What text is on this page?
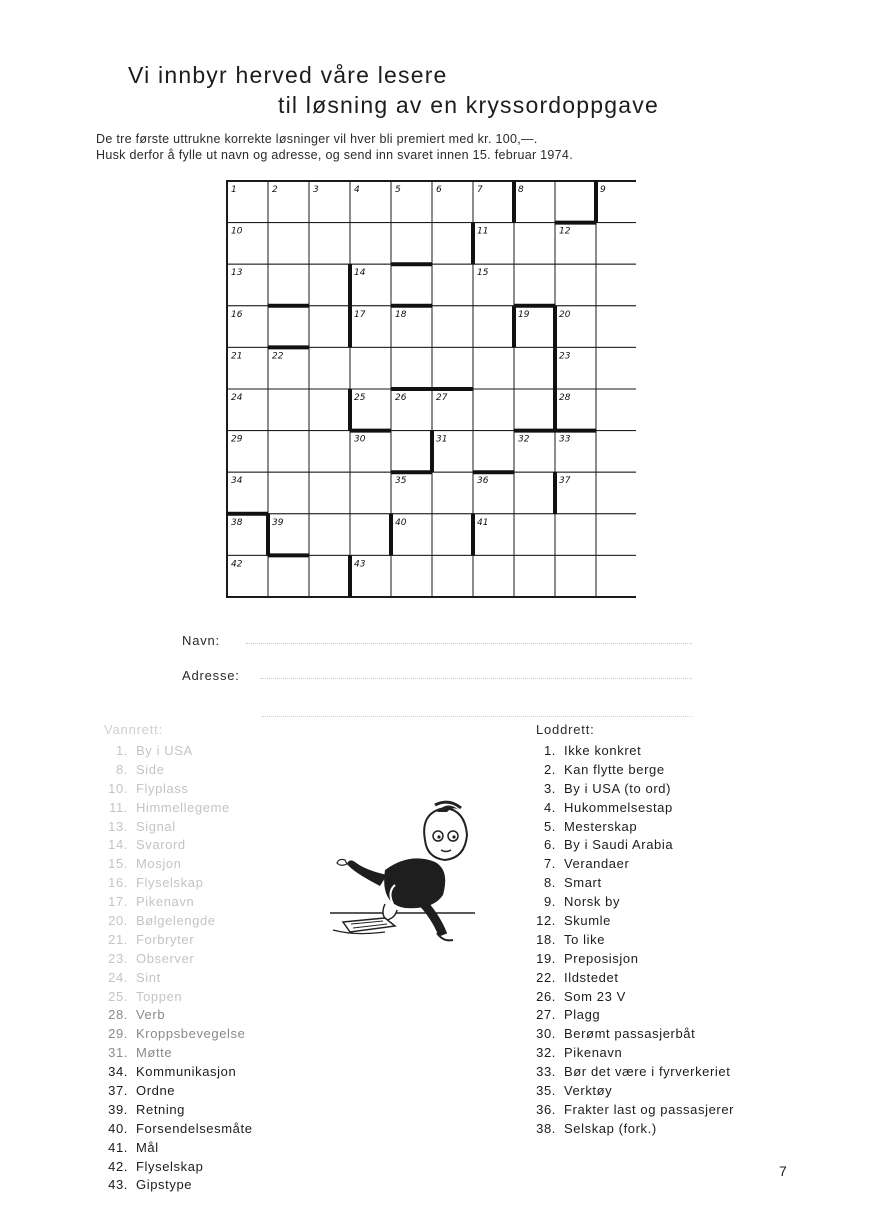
Vi innbyr herved våre lesere
til løsning av en kryssordoppgave
De tre første uttrukne korrekte løsninger vil hver bli premiert med kr. 100,—.
Husk derfor å fylle ut navn og adresse, og send inn svaret innen 15. februar 1974.
1	2	3	4	5	6	7	8	9
10	11	12
13	14	15
16	17	18	19	20
21	22	23
24	25	26	27	28
29	30	31	32	33
34	35	36	37
38	39	40	41
42	43
Navn:
Adresse:
Vannrett:
1. By i USA
8. Side
10. Flyplass
11. Himmellegeme
13. Signal
14. Svarord
15. Mosjon
16. Flyselskap
17. Pikenavn
20. Bølgelengde
21. Forbryter
23. Observer
24. Sint
25. Toppen
28. Verb
29. Kroppsbevegelse
31. Møtte
34. Kommunikasjon
37. Ordne
39. Retning
40. Forsendelsesmåte
41. Mål
42. Flyselskap
43. Gipstype
Loddrett:
1. Ikke konkret
2. Kan flytte berge
3. By i USA (to ord)
4. Hukommelsestap
5. Mesterskap
6. By i Saudi Arabia
7. Verandaer
8. Smart
9. Norsk by
12. Skumle
18. To like
19. Preposisjon
22. Ildstedet
26. Som 23 V
27. Plagg
30. Berømt passasjerbåt
32. Pikenavn
33. Bør det være i fyrverkeriet
35. Verktøy
36. Frakter last og passasjerer
38. Selskap (fork.)
7
